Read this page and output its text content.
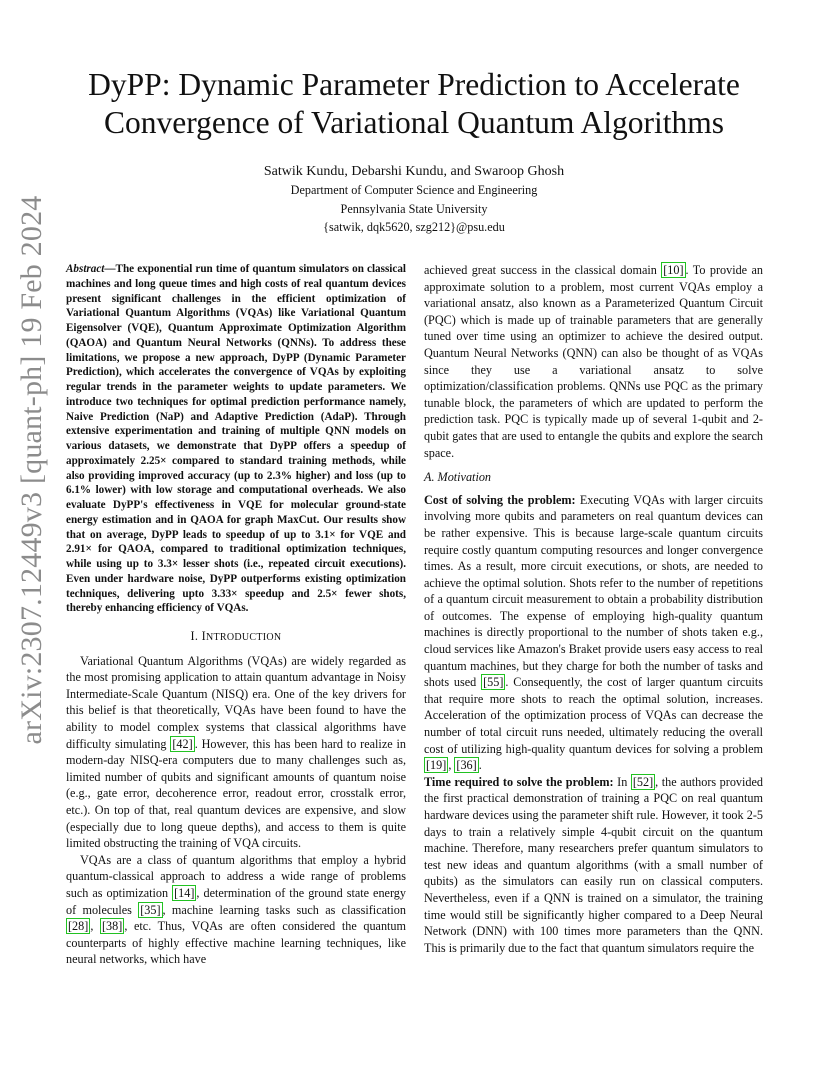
arXiv:2307.12449v3 [quant-ph] 19 Feb 2024
DyPP: Dynamic Parameter Prediction to Accelerate Convergence of Variational Quantum Algorithms
Satwik Kundu, Debarshi Kundu, and Swaroop Ghosh
Department of Computer Science and Engineering
Pennsylvania State University
{satwik, dqk5620, szg212}@psu.edu

Abstract—The exponential run time of quantum simulators on classical machines and long queue times and high costs of real quantum devices present significant challenges in the efficient optimization of Variational Quantum Algorithms (VQAs) like Variational Quantum Eigensolver (VQE), Quantum Approximate Optimization Algorithm (QAOA) and Quantum Neural Networks (QNNs). To address these limitations, we propose a new approach, DyPP (Dynamic Parameter Prediction), which accelerates the convergence of VQAs by exploiting regular trends in the parameter weights to update parameters. We introduce two techniques for optimal prediction performance namely, Naive Prediction (NaP) and Adaptive Prediction (AdaP). Through extensive experimentation and training of multiple QNN models on various datasets, we demonstrate that DyPP offers a speedup of approximately 2.25× compared to standard training methods, while also providing improved accuracy (up to 2.3% higher) and loss (up to 6.1% lower) with low storage and computational overheads. We also evaluate DyPP's effectiveness in VQE for molecular ground-state energy estimation and in QAOA for graph MaxCut. Our results show that on average, DyPP leads to speedup of up to 3.1× for VQE and 2.91× for QAOA, compared to traditional optimization techniques, while using up to 3.3× lesser shots (i.e., repeated circuit executions). Even under hardware noise, DyPP outperforms existing optimization techniques, delivering upto 3.33× speedup and 2.5× fewer shots, thereby enhancing efficiency of VQAs.

I. INTRODUCTION

Variational Quantum Algorithms (VQAs) are widely regarded as the most promising application to attain quantum advantage in Noisy Intermediate-Scale Quantum (NISQ) era. One of the key drivers for this belief is that theoretically, VQAs have been found to have the ability to model complex systems that classical algorithms have difficulty simulating [42] . However, this has been hard to realize in modern-day NISQ-era computers due to many challenges such as, limited number of qubits and significant amounts of quantum noise (e.g., gate error, decoherence error, readout error, crosstalk error, etc.). On top of that, real quantum devices are expensive, and slow (especially due to long queue depths), and access to them is quite limited obstructing the training of VQA circuits.

VQAs are a class of quantum algorithms that employ a hybrid quantum-classical approach to address a wide range of problems such as optimization [14] , determination of the ground state energy of molecules [35] , machine learning tasks such as classification [28] , [38] , etc. Thus, VQAs are often considered the quantum counterparts of highly effective machine learning techniques, like neural networks, which have

achieved great success in the classical domain [10] . To provide an approximate solution to a problem, most current VQAs employ a variational ansatz, also known as a Parameterized Quantum Circuit (PQC) which is made up of trainable parameters that are generally tuned over time using an optimizer to achieve the desired output. Quantum Neural Networks (QNN) can also be thought of as VQAs since they use a variational ansatz to solve optimization/classification problems. QNNs use PQC as the primary tunable block, the parameters of which are updated to perform the prediction task. PQC is typically made up of several 1-qubit and 2-qubit gates that are used to entangle the qubits and explore the search space.

A. Motivation

Cost of solving the problem: Executing VQAs with larger circuits involving more qubits and parameters on real quantum devices can be rather expensive. This is because large-scale quantum circuits require costly quantum computing resources and longer convergence times. As a result, more circuit executions, or shots, are needed to achieve the optimal solution. Shots refer to the number of repetitions of a quantum circuit measurement to obtain a probability distribution of outcomes. The expense of employing high-quality quantum machines is directly proportional to the number of shots taken e.g., cloud services like Amazon's Braket provide users easy access to real quantum machines, but they charge for both the number of tasks and shots used [55] . Consequently, the cost of larger quantum circuits that require more shots to reach the optimal solution, increases. Acceleration of the optimization process of VQAs can decrease the number of total circuit runs needed, ultimately reducing the overall cost of utilizing high-quality quantum devices for solving a problem [19] , [36] .

Time required to solve the problem: In [52] , the authors provided the first practical demonstration of training a PQC on real quantum hardware devices using the parameter shift rule. However, it took 2-5 days to train a relatively simple 4-qubit circuit on the quantum machine. Therefore, many researchers prefer quantum simulators to test new ideas and quantum algorithms (with a small number of qubits) as the simulators can easily run on classical computers. Nevertheless, even if a QNN is trained on a simulator, the training time would still be significantly higher compared to a Deep Neural Network (DNN) with 100 times more parameters than the QNN. This is primarily due to the fact that quantum simulators require the
